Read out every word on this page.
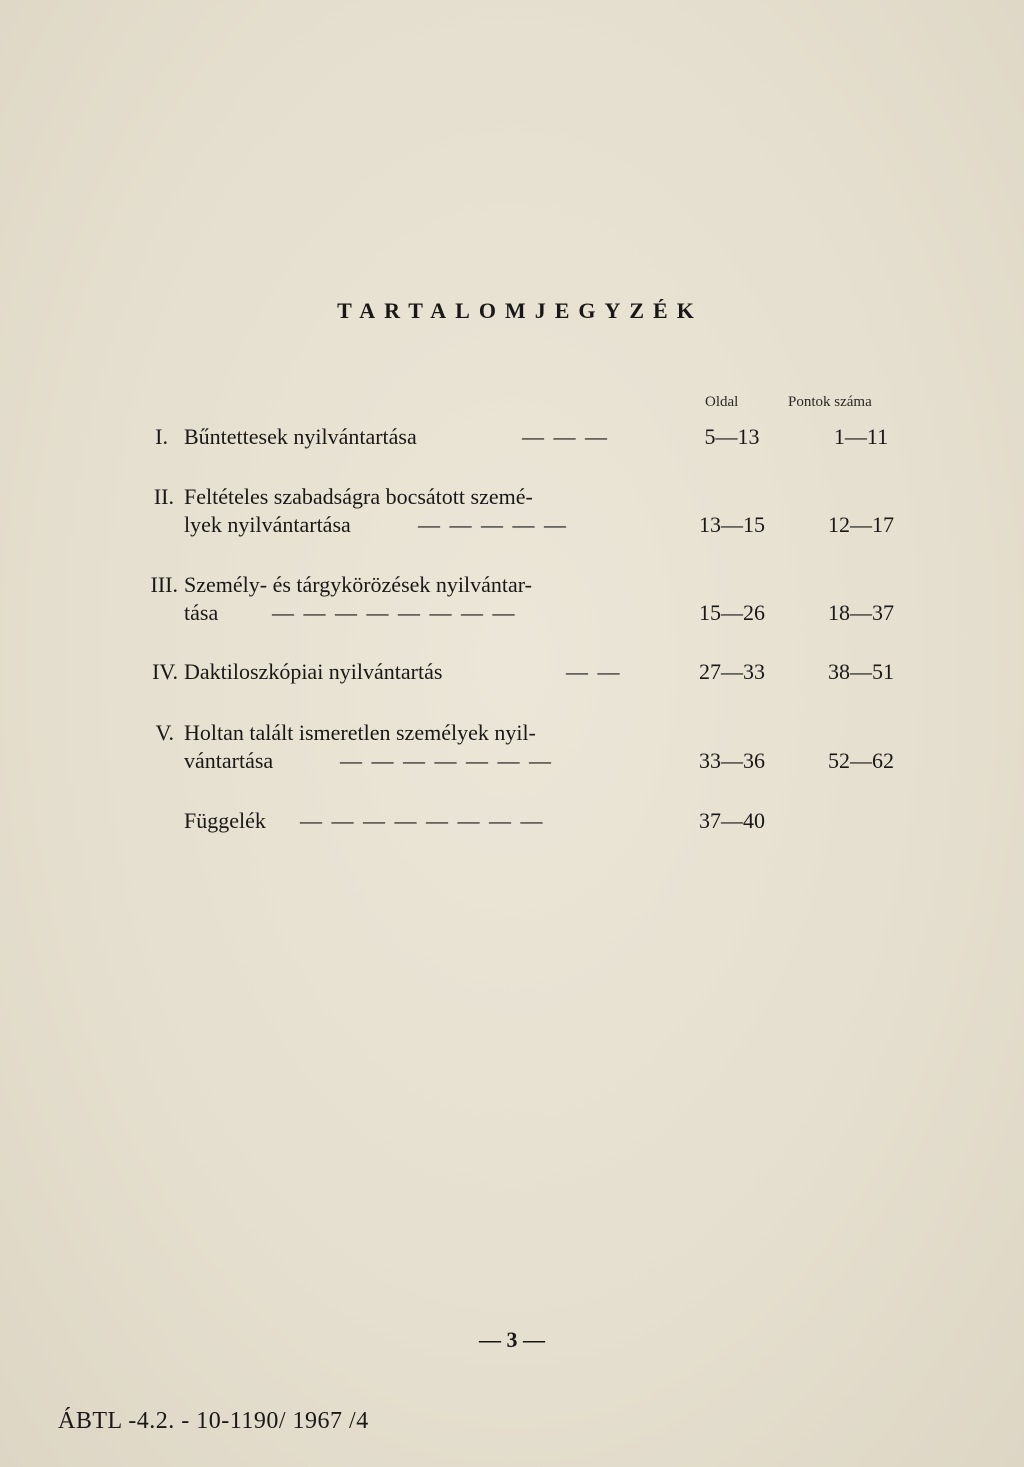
TARTALOMJEGYZÉK
Oldal	Pontok száma
I. Bűntettesek nyilvántartása	— — —	5—13	1—11
II. Feltételes szabadságra bocsátott szemé-
lyek nyilvántartása	— — — — —	13—15	12—17
III. Személy- és tárgykörözések nyilvántar-
tása — — — — — — — —	15—26	18—37
IV. Daktiloszkópiai nyilvántartás	— —	27—33	38—51
V. Holtan talált ismeretlen személyek nyil-
vántartása	— — — — — — —	33—36	52—62
Függelék — — — — — — — —	37—40
— 3 —
ÁBTL -4.2. - 10-1190/ 1967 /4
